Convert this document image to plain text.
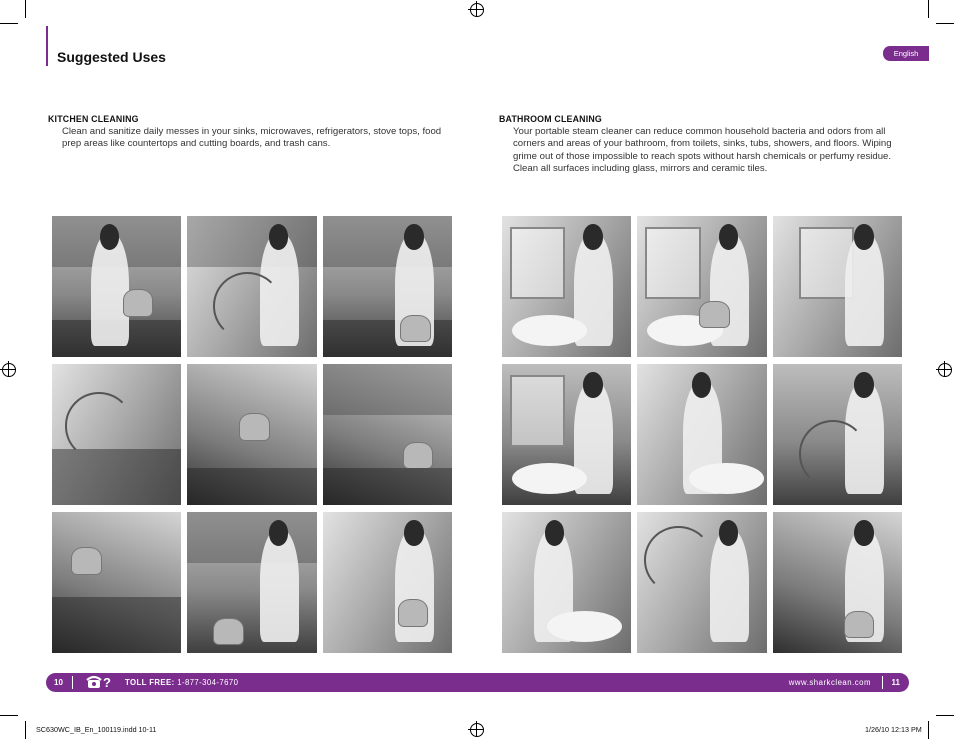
Suggested Uses	English
KITCHEN CLEANING

Clean and sanitize daily messes in your sinks, microwaves, refrigerators, stove tops, food prep areas like countertops and cutting boards, and trash cans.

BATHROOM CLEANING

Your portable steam cleaner can reduce common household bacteria and odors from all corners and areas of your bathroom, from toilets, sinks, tubs, showers, and floors. Wiping grime out of those impossible to reach spots without harsh chemicals or perfumy residue. Clean all surfaces including glass, mirrors and ceramic tiles.

10	? TOLL FREE: 1-877-304-7670	www.sharkclean.com	11
SC630WC_IB_En_100119.indd 10-11	1/26/10 12:13 PM
